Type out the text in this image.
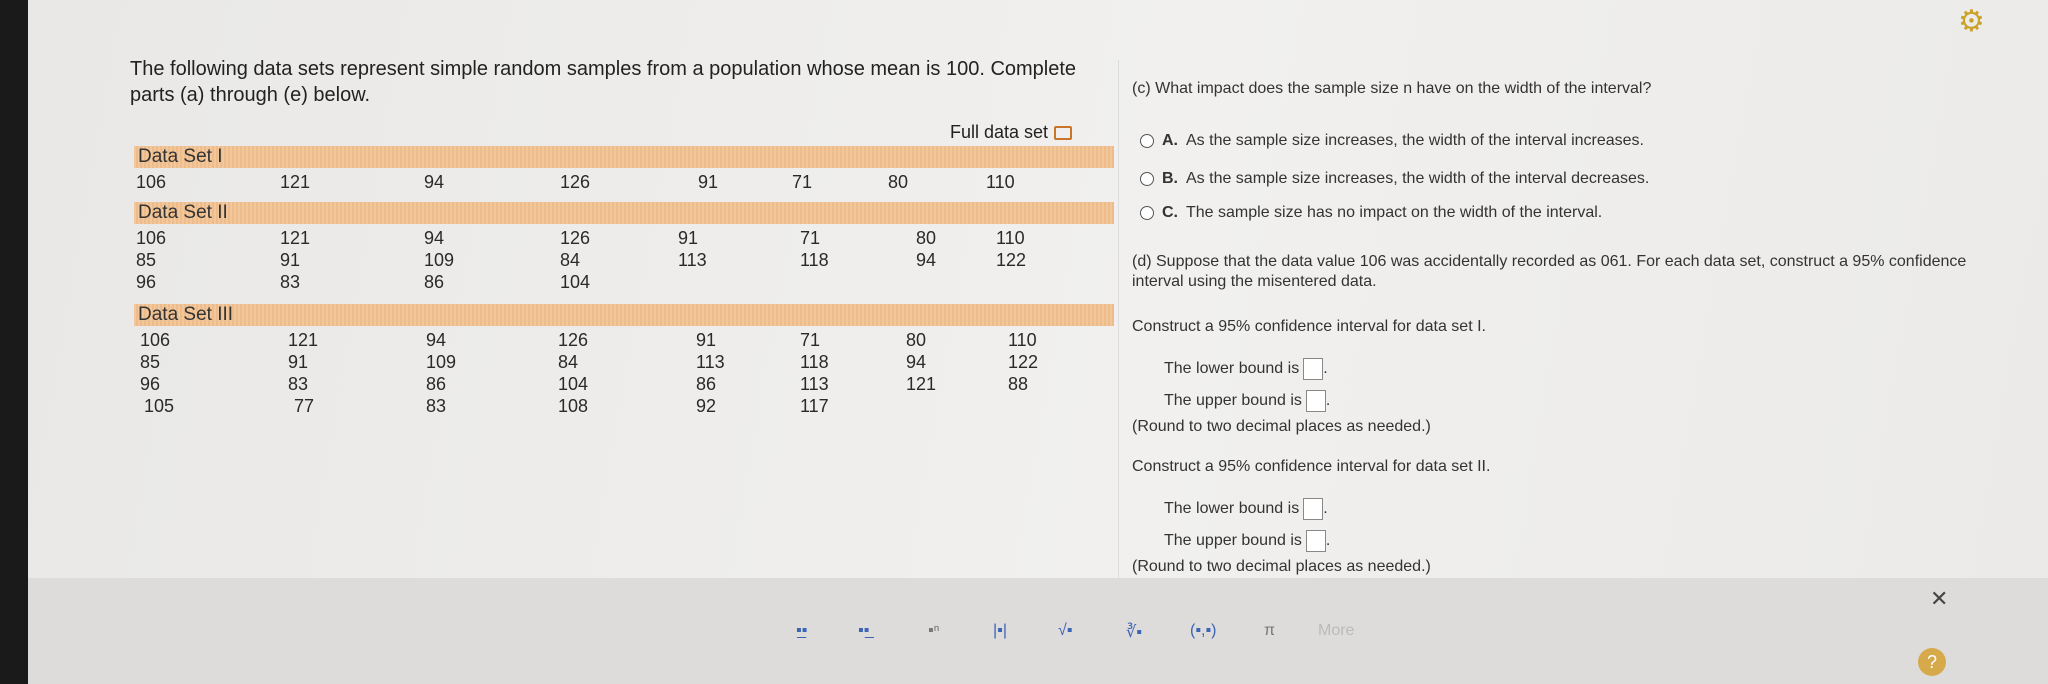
⚙
The following data sets represent simple random samples from a population whose mean is 100. Complete parts (a) through (e) below.
Full data set
Data Set I
106	121	94	126	91	71	80	110
Data Set II
106	121	94	126	91	71	80	110
85	91	109	84	113	118	94	122
96	83	86	104
Data Set III
106	121	94	126	91	71	80	110
85	91	109	84	113	118	94	122
96	83	86	104	86	113	121	88
105	77	83	108	92	117
(c) What impact does the sample size n have on the width of the interval?
A. As the sample size increases, the width of the interval increases.
B. As the sample size increases, the width of the interval decreases.
C. The sample size has no impact on the width of the interval.
(d) Suppose that the data value 106 was accidentally recorded as 061. For each data set, construct a 95% confidence interval using the misentered data.
Construct a 95% confidence interval for data set I.
The lower bound is .
The upper bound is .
(Round to two decimal places as needed.)
Construct a 95% confidence interval for data set II.
The lower bound is .
The upper bound is .
(Round to two decimal places as needed.)
▪̲▪	▪▪̲	▪ⁿ	|▪|	√▪	∛▪	(▪,▪)	π	More
✕
?
